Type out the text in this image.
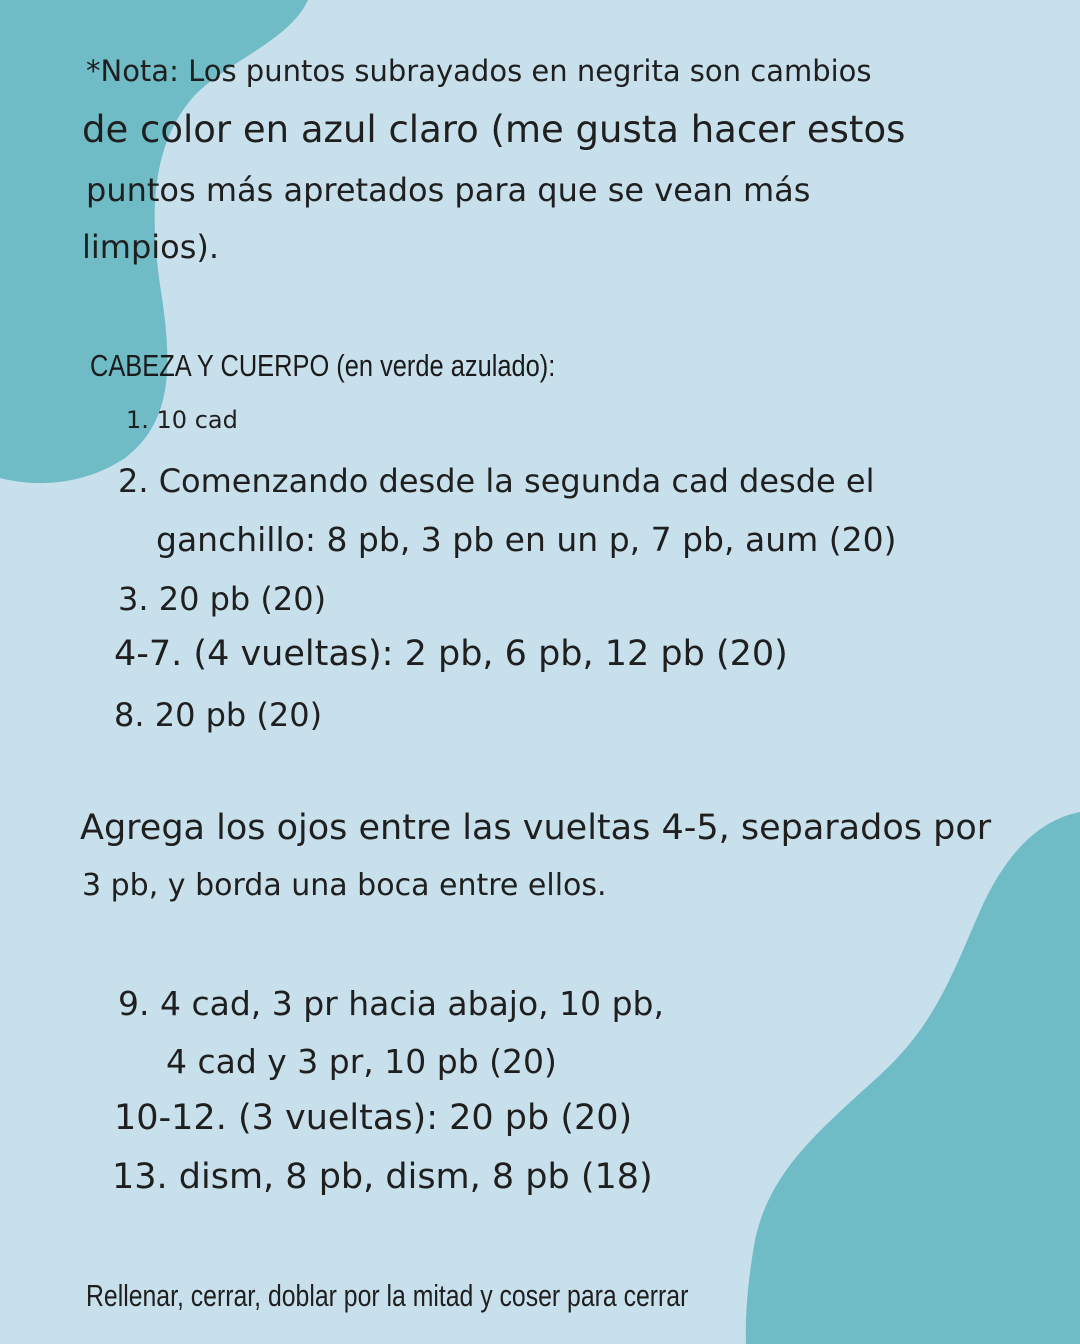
*Nota: Los puntos subrayados en negrita son cambios

de color en azul claro (me gusta hacer estos

puntos más apretados para que se vean más

limpios).

CABEZA Y CUERPO (en verde azulado):

1. 10 cad

2. Comenzando desde la segunda cad desde el

ganchillo: 8 pb, 3 pb en un p, 7 pb, aum (20)

3. 20 pb (20)

4-7. (4 vueltas): 2 pb, 6 pb, 12 pb (20)

8. 20 pb (20)

Agrega los ojos entre las vueltas 4-5, separados por

3 pb, y borda una boca entre ellos.

9. 4 cad, 3 pr hacia abajo, 10 pb,

4 cad y 3 pr, 10 pb (20)

10-12. (3 vueltas): 20 pb (20)

13. dism, 8 pb, dism, 8 pb (18)

Rellenar, cerrar, doblar por la mitad y coser para cerrar
